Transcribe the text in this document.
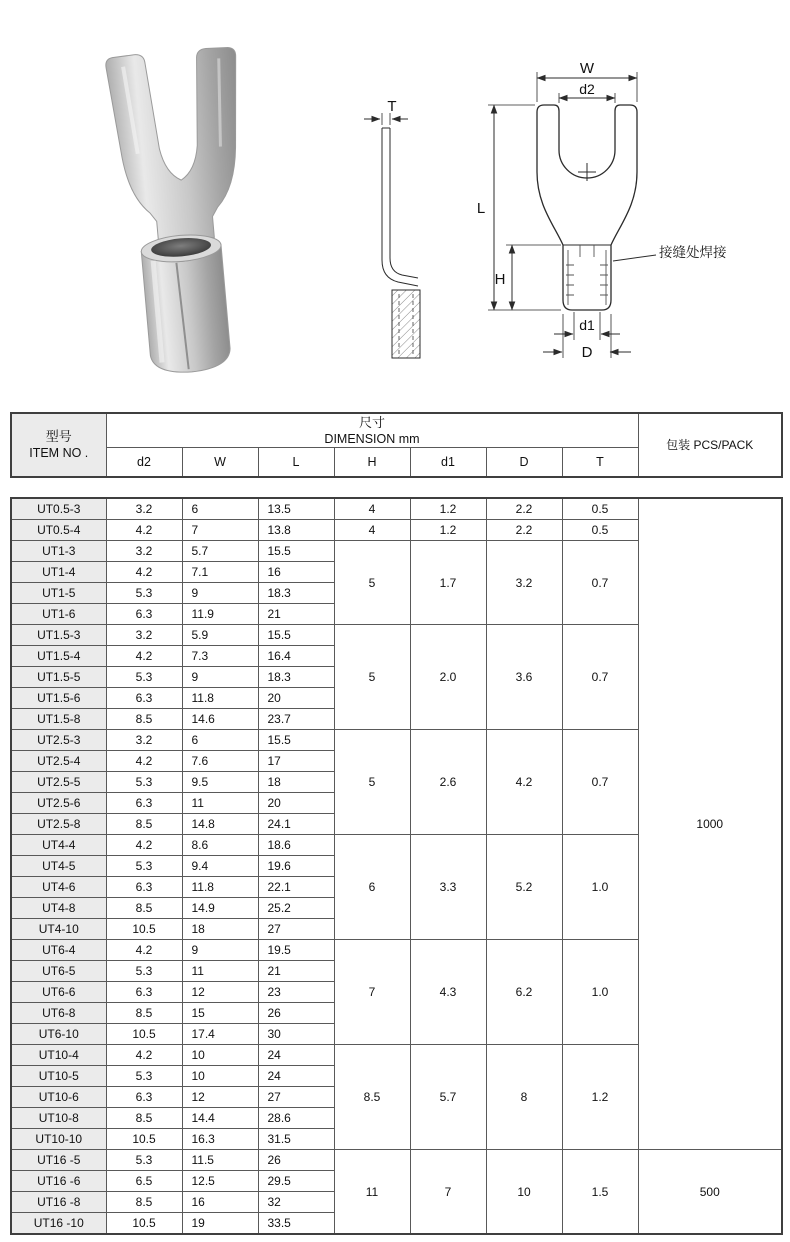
T
W
d2
L
H
d1
D
接缝处焊接
型号
ITEM NO .

尺寸
DIMENSION mm	包装 PCS/PACK
	d2	W	L	H	d1	D	T	
UT0.5-3	3.2	6	13.5	4	1.2	2.2	0.5	1000
UT0.5-4	4.2	7	13.8	4	1.2	2.2	0.5	
UT1-3	3.2	5.7	15.5	5	1.7	3.2	0.7	
UT1-4	4.2	7.1	16					
UT1-5	5.3	9	18.3					
UT1-6	6.3	11.9	21					
UT1.5-3	3.2	5.9	15.5	5	2.0	3.6	0.7	
UT1.5-4	4.2	7.3	16.4					
UT1.5-5	5.3	9	18.3					
UT1.5-6	6.3	11.8	20					
UT1.5-8	8.5	14.6	23.7					
UT2.5-3	3.2	6	15.5	5	2.6	4.2	0.7	
UT2.5-4	4.2	7.6	17					
UT2.5-5	5.3	9.5	18					
UT2.5-6	6.3	11	20					
UT2.5-8	8.5	14.8	24.1					
UT4-4	4.2	8.6	18.6	6	3.3	5.2	1.0	
UT4-5	5.3	9.4	19.6					
UT4-6	6.3	11.8	22.1					
UT4-8	8.5	14.9	25.2					
UT4-10	10.5	18	27					
UT6-4	4.2	9	19.5	7	4.3	6.2	1.0	
UT6-5	5.3	11	21					
UT6-6	6.3	12	23					
UT6-8	8.5	15	26					
UT6-10	10.5	17.4	30					
UT10-4	4.2	10	24	8.5	5.7	8	1.2	
UT10-5	5.3	10	24					
UT10-6	6.3	12	27					
UT10-8	8.5	14.4	28.6					
UT10-10	10.5	16.3	31.5					
UT16 -5	5.3	11.5	26	11	7	10	1.5	500
UT16 -6	6.5	12.5	29.5					
UT16 -8	8.5	16	32					
UT16 -10	10.5	19	33.5					
